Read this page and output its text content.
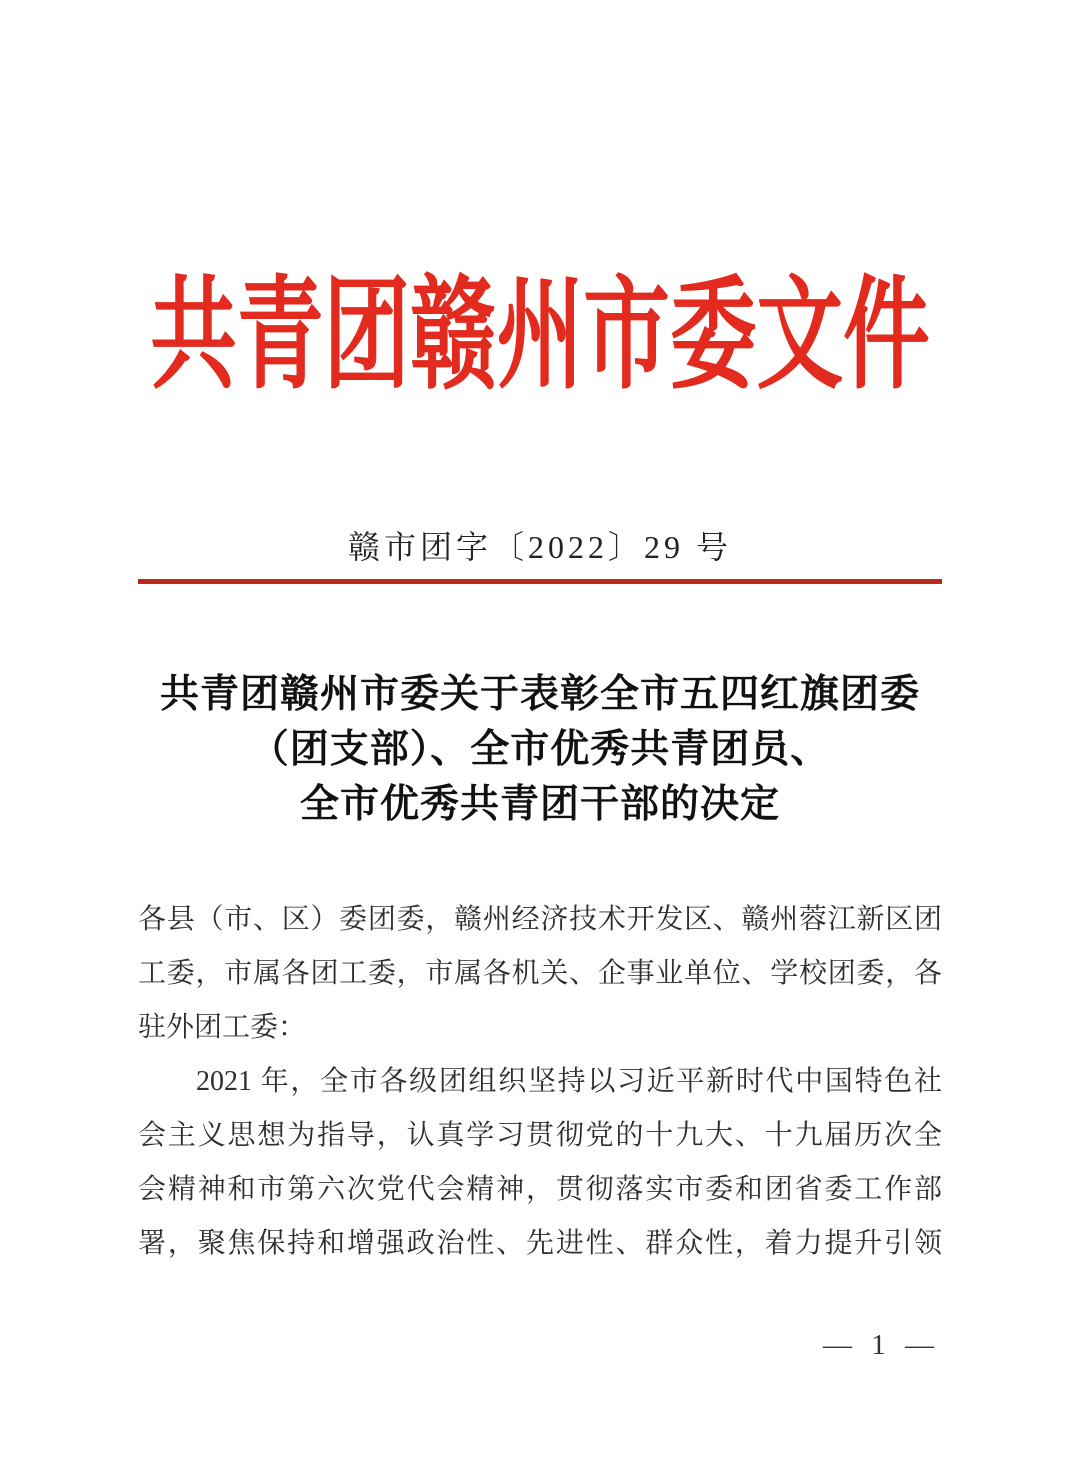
共青团赣州市委文件
赣市团字〔2022〕29 号
共青团赣州市委关于表彰全市五四红旗团委
（团支部）、全市优秀共青团员、
全市优秀共青团干部的决定
各县（市、区）委团委，赣州经济技术开发区、赣州蓉江新区团
工委，市属各团工委，市属各机关、企事业单位、学校团委，各
驻外团工委：
2021 年，全市各级团组织坚持以习近平新时代中国特色社
会主义思想为指导，认真学习贯彻党的十九大、十九届历次全
会精神和市第六次党代会精神，贯彻落实市委和团省委工作部
署，聚焦保持和增强政治性、先进性、群众性，着力提升引领
— 1 —
